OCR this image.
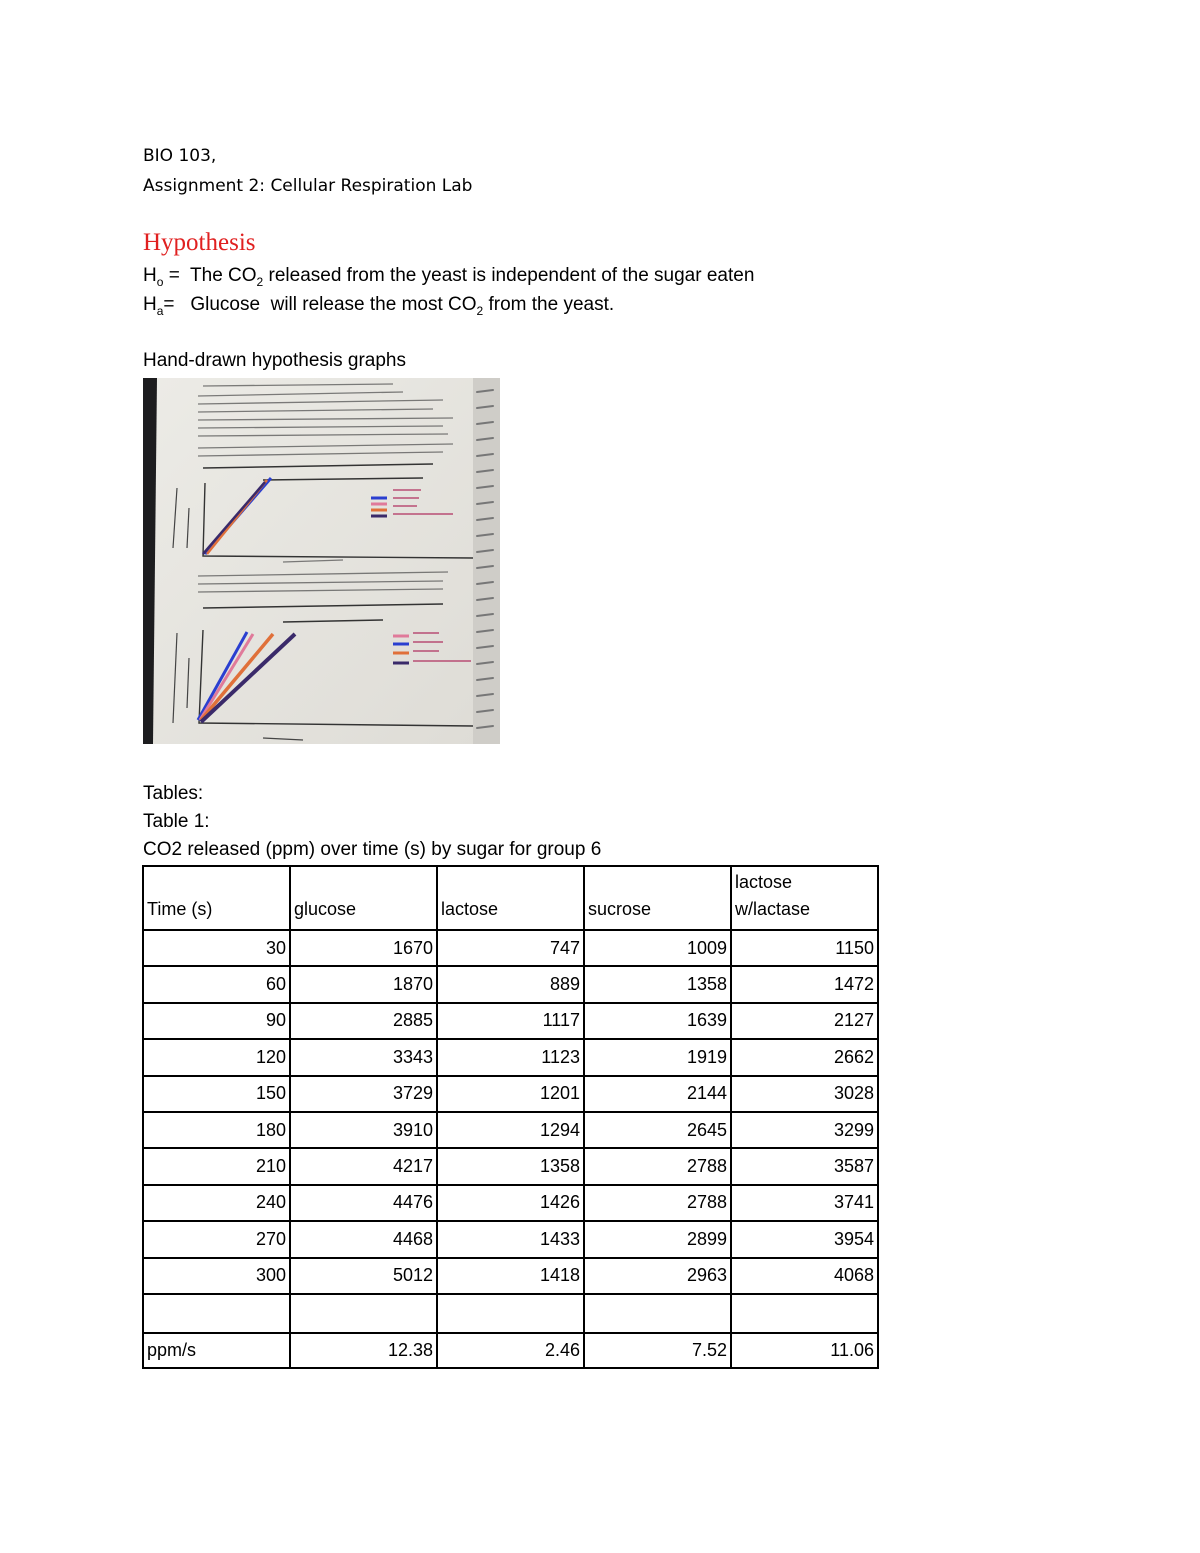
BIO 103,
Assignment 2: Cellular Respiration Lab
Hypothesis
$H_o$ =  The $CO_2$ released from the yeast is independent of the sugar eaten
$H_a= Glucose$  will release the most $CO_2$ from the yeast.
Hand-drawn hypothesis graphs
Tables:
Table 1:
CO2 released (ppm) over time (s) by sugar for group 6
Time (s)	glucose	lactose	sucrose	lactose
w/lactase
30	1670	747	1009	1150
60	1870	889	1358	1472
90	2885	1117	1639	2127
120	3343	1123	1919	2662
150	3729	1201	2144	3028
180	3910	1294	2645	3299
210	4217	1358	2788	3587
240	4476	1426	2788	3741
270	4468	1433	2899	3954
300	5012	1418	2963	4068

ppm/s	12.38	2.46	7.52	11.06
